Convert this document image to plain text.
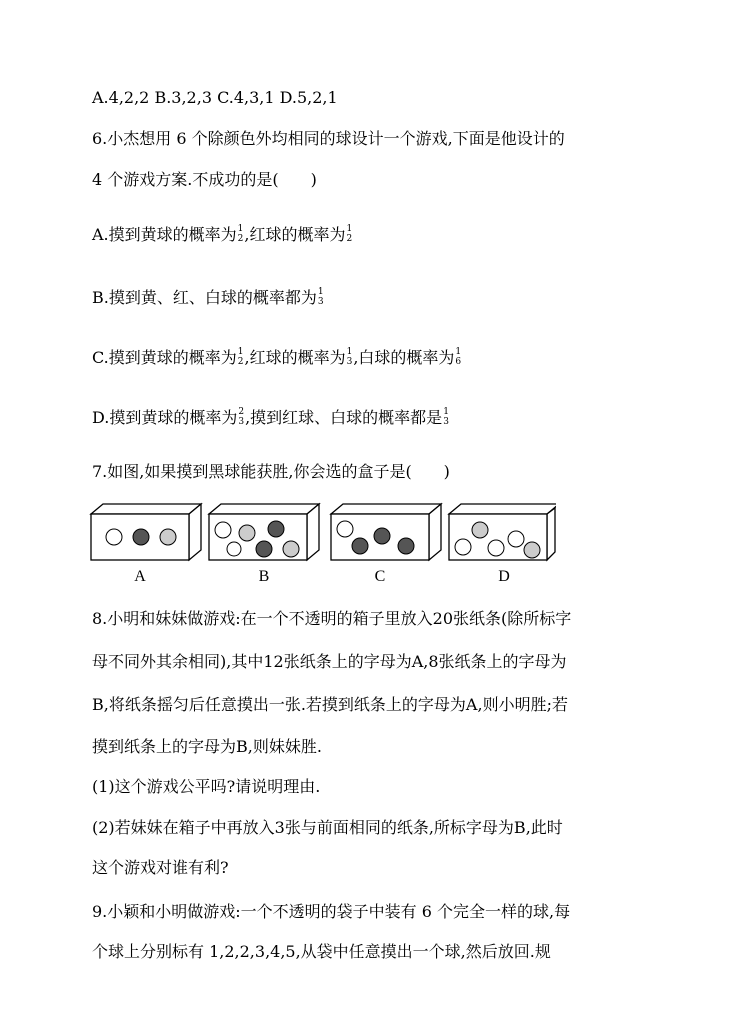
A.4,2,2 B.3,2,3 C.4,3,1 D.5,2,1
6.小杰想用 6 个除颜色外均相同的球设计一个游戏,下面是他设计的
4 个游戏方案.不成功的是(　　)
A.摸到黄球的概率为 1
2 ,红球的概率为 1
2
B.摸到黄、红、白球的概率都为 1
3
C.摸到黄球的概率为 1
2 ,红球的概率为 1
3 ,白球的概率为 1
6
D.摸到黄球的概率为 2
3 ,摸到红球、白球的概率都是 1
3
7.如图,如果摸到黑球能获胜,你会选的盒子是(　　)
A	B	C	D
8.小明和妹妹做游戏:在一个不透明的箱子里放入20张纸条(除所标字
母不同外其余相同),其中12张纸条上的字母为A,8张纸条上的字母为
B,将纸条摇匀后任意摸出一张.若摸到纸条上的字母为A,则小明胜;若
摸到纸条上的字母为B,则妹妹胜.
(1)这个游戏公平吗?请说明理由.
(2)若妹妹在箱子中再放入3张与前面相同的纸条,所标字母为B,此时
这个游戏对谁有利?
9.小颖和小明做游戏:一个不透明的袋子中装有 6 个完全一样的球,每
个球上分别标有 1,2,2,3,4,5,从袋中任意摸出一个球,然后放回.规
